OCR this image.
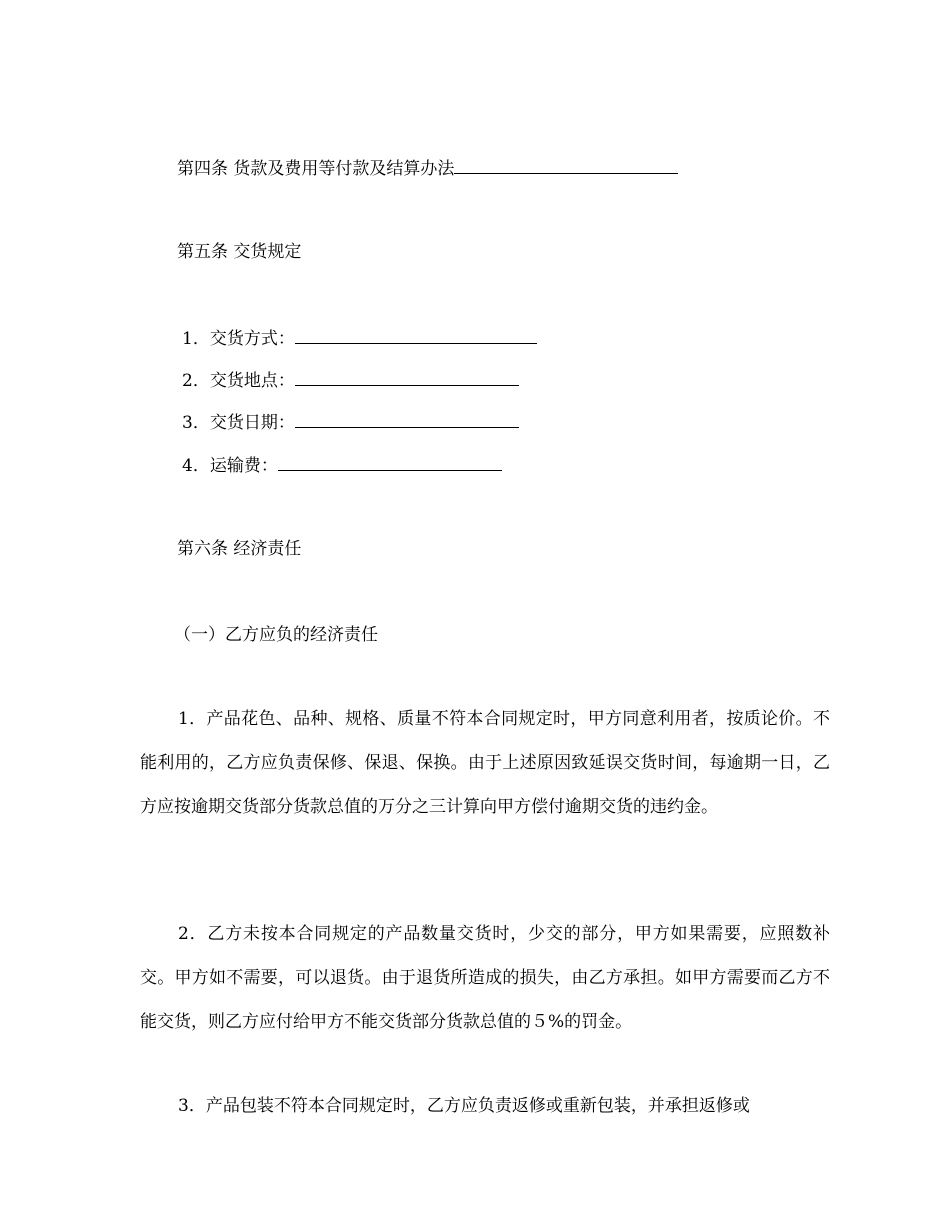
第四条 货款及费用等付款及结算办法
第五条 交货规定
1．交货方式：
2．交货地点：
3．交货日期：
4．运输费：
第六条 经济责任
（一）乙方应负的经济责任
1．产品花色、品种、规格、质量不符本合同规定时，甲方同意利用者，按质论价。不能利用的，乙方应负责保修、保退、保换。由于上述原因致延误交货时间，每逾期一日，乙方应按逾期交货部分货款总值的万分之三计算向甲方偿付逾期交货的违约金。
2．乙方未按本合同规定的产品数量交货时，少交的部分，甲方如果需要，应照数补交。甲方如不需要，可以退货。由于退货所造成的损失，由乙方承担。如甲方需要而乙方不能交货，则乙方应付给甲方不能交货部分货款总值的５%的罚金。
3．产品包装不符本合同规定时，乙方应负责返修或重新包装，并承担返修或
